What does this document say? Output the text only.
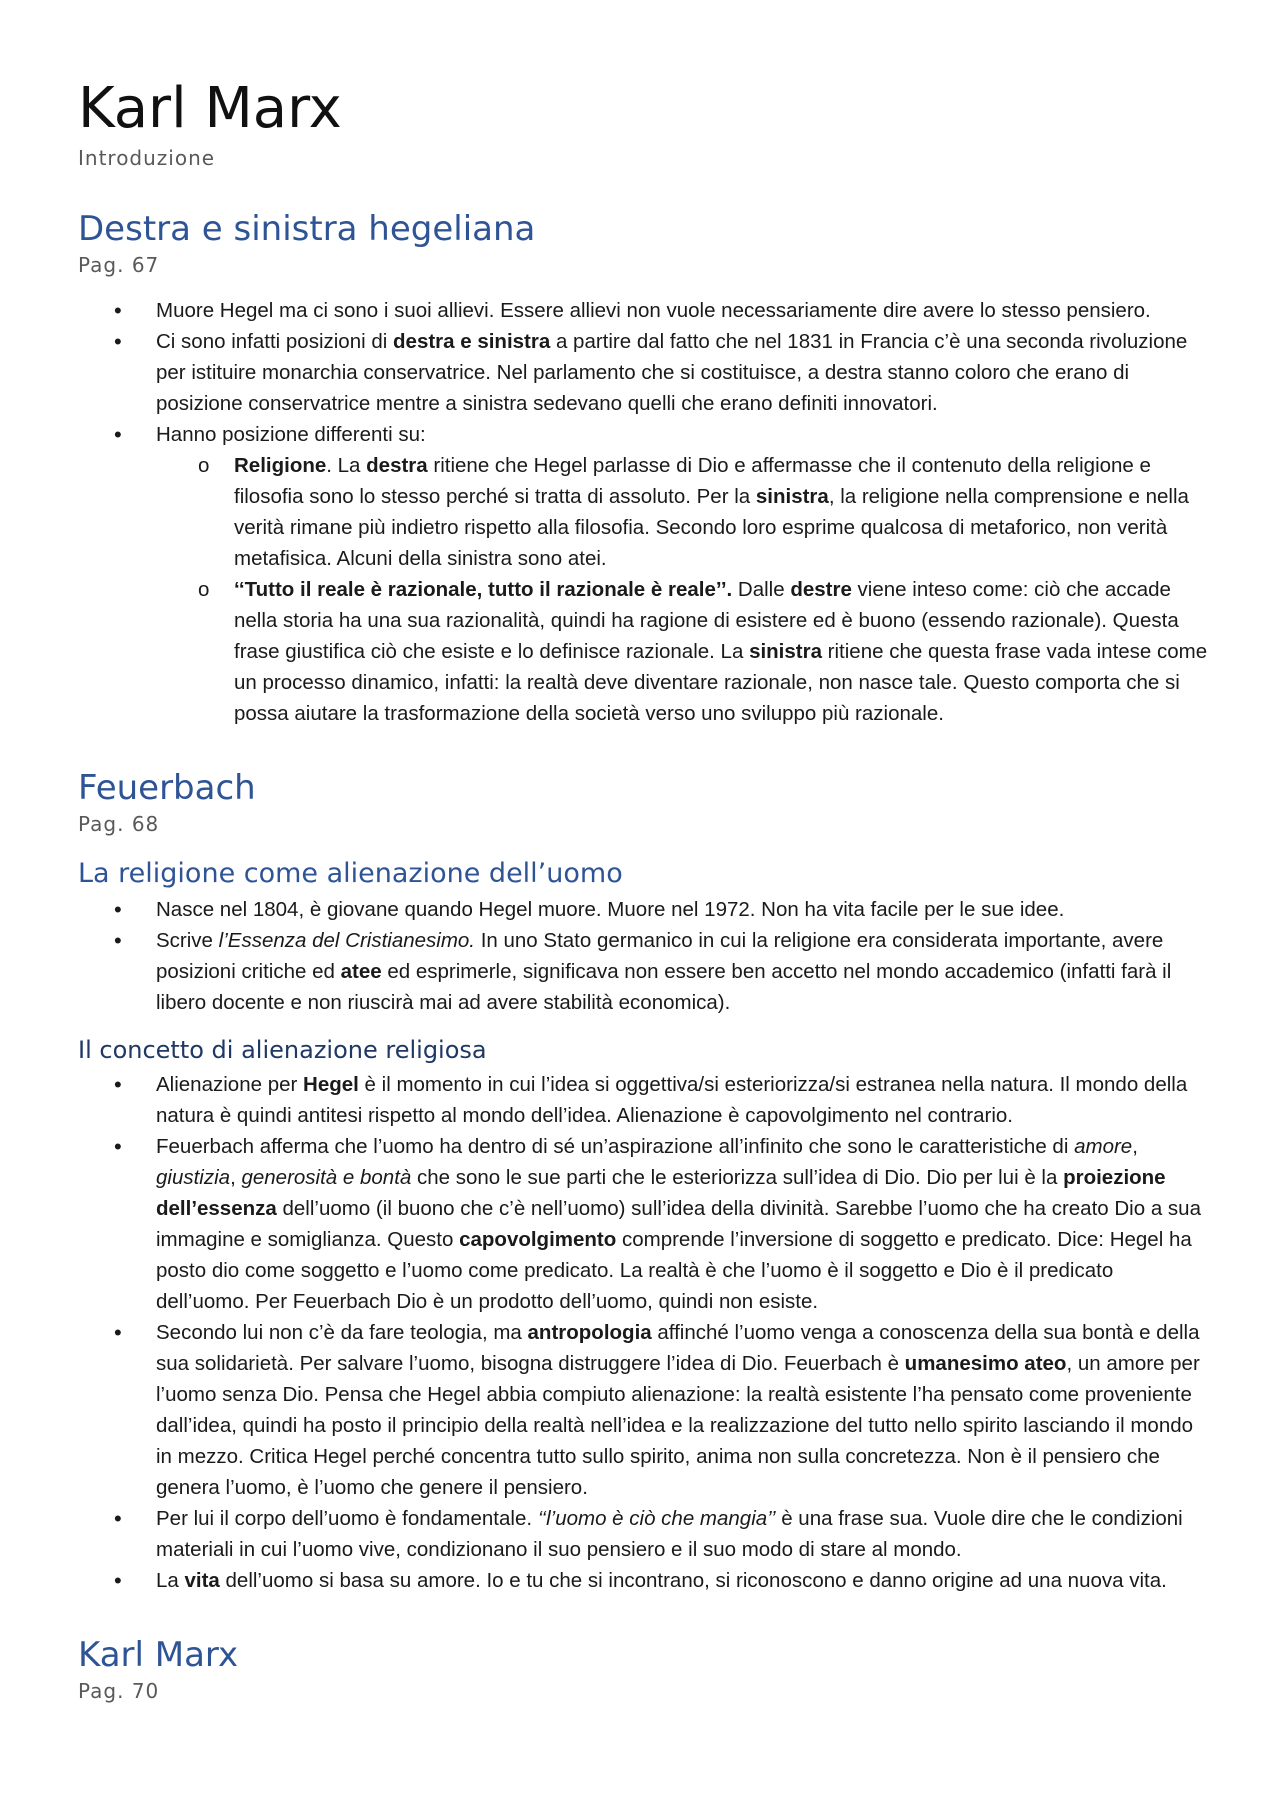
Karl Marx
Introduzione
Destra e sinistra hegeliana
Pag. 67
• Muore Hegel ma ci sono i suoi allievi. Essere allievi non vuole necessariamente dire avere lo stesso pensiero.
• Ci sono infatti posizioni di destra e sinistra a partire dal fatto che nel 1831 in Francia c’è una seconda rivoluzione per istituire monarchia conservatrice. Nel parlamento che si costituisce, a destra stanno coloro che erano di posizione conservatrice mentre a sinistra sedevano quelli che erano definiti innovatori.
• Hanno posizione differenti su:
o Religione. La destra ritiene che Hegel parlasse di Dio e affermasse che il contenuto della religione e filosofia sono lo stesso perché si tratta di assoluto. Per la sinistra, la religione nella comprensione e nella verità rimane più indietro rispetto alla filosofia. Secondo loro esprime qualcosa di metaforico, non verità metafisica. Alcuni della sinistra sono atei.
o ‘‘Tutto il reale è razionale, tutto il razionale è reale’’. Dalle destre viene inteso come: ciò che accade nella storia ha una sua razionalità, quindi ha ragione di esistere ed è buono (essendo razionale). Questa frase giustifica ciò che esiste e lo definisce razionale. La sinistra ritiene che questa frase vada intese come un processo dinamico, infatti: la realtà deve diventare razionale, non nasce tale. Questo comporta che si possa aiutare la trasformazione della società verso uno sviluppo più razionale.
Feuerbach
Pag. 68
La religione come alienazione dell’uomo
• Nasce nel 1804, è giovane quando Hegel muore. Muore nel 1972. Non ha vita facile per le sue idee.
• Scrive l’Essenza del Cristianesimo. In uno Stato germanico in cui la religione era considerata importante, avere posizioni critiche ed atee ed esprimerle, significava non essere ben accetto nel mondo accademico (infatti farà il libero docente e non riuscirà mai ad avere stabilità economica).
Il concetto di alienazione religiosa
• Alienazione per Hegel è il momento in cui l’idea si oggettiva/si esteriorizza/si estranea nella natura. Il mondo della natura è quindi antitesi rispetto al mondo dell’idea. Alienazione è capovolgimento nel contrario.
• Feuerbach afferma che l’uomo ha dentro di sé un’aspirazione all’infinito che sono le caratteristiche di amore, giustizia, generosità e bontà che sono le sue parti che le esteriorizza sull’idea di Dio. Dio per lui è la proiezione dell’essenza dell’uomo (il buono che c’è nell’uomo) sull’idea della divinità. Sarebbe l’uomo che ha creato Dio a sua immagine e somiglianza. Questo capovolgimento comprende l’inversione di soggetto e predicato. Dice: Hegel ha posto dio come soggetto e l’uomo come predicato. La realtà è che l’uomo è il soggetto e Dio è il predicato dell’uomo. Per Feuerbach Dio è un prodotto dell’uomo, quindi non esiste.
• Secondo lui non c’è da fare teologia, ma antropologia affinché l’uomo venga a conoscenza della sua bontà e della sua solidarietà. Per salvare l’uomo, bisogna distruggere l’idea di Dio. Feuerbach è umanesimo ateo, un amore per l’uomo senza Dio. Pensa che Hegel abbia compiuto alienazione: la realtà esistente l’ha pensato come proveniente dall’idea, quindi ha posto il principio della realtà nell’idea e la realizzazione del tutto nello spirito lasciando il mondo in mezzo. Critica Hegel perché concentra tutto sullo spirito, anima non sulla concretezza. Non è il pensiero che genera l’uomo, è l’uomo che genere il pensiero.
• Per lui il corpo dell’uomo è fondamentale. ‘‘l’uomo è ciò che mangia’’ è una frase sua. Vuole dire che le condizioni materiali in cui l’uomo vive, condizionano il suo pensiero e il suo modo di stare al mondo.
• La vita dell’uomo si basa su amore. Io e tu che si incontrano, si riconoscono e danno origine ad una nuova vita.
Karl Marx
Pag. 70
